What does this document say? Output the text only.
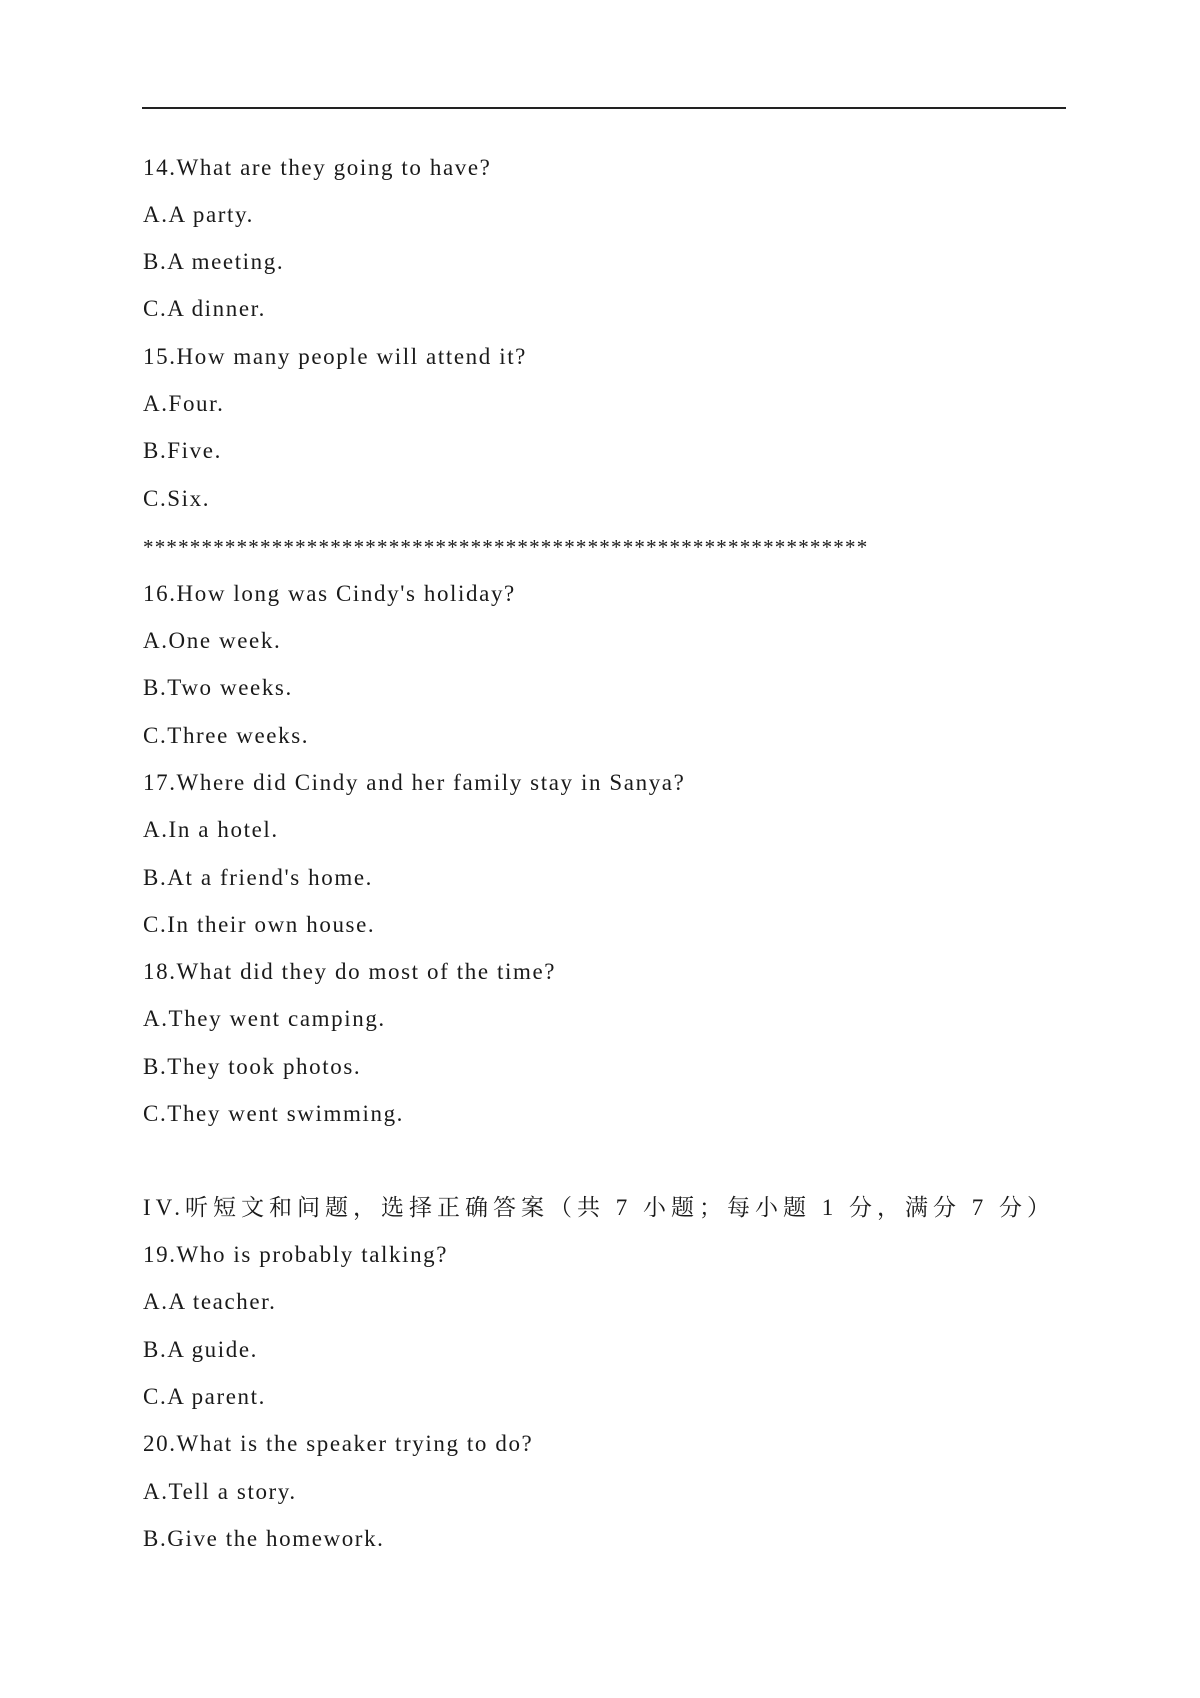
14.What are they going to have?
A.A party.
B.A meeting.
C.A dinner.
15.How many people will attend it?
A.Four.
B.Five.
C.Six.
**************************************************************
16.How long was Cindy's holiday?
A.One week.
B.Two weeks.
C.Three weeks.
17.Where did Cindy and her family stay in Sanya?
A.In a hotel.
B.At a friend's home.
C.In their own house.
18.What did they do most of the time?
A.They went camping.
B.They took photos.
C.They went swimming.
IV.听短文和问题，选择正确答案（共 7 小题；每小题 1 分，满分 7 分）
19.Who is probably talking?
A.A teacher.
B.A guide.
C.A parent.
20.What is the speaker trying to do?
A.Tell a story.
B.Give the homework.
